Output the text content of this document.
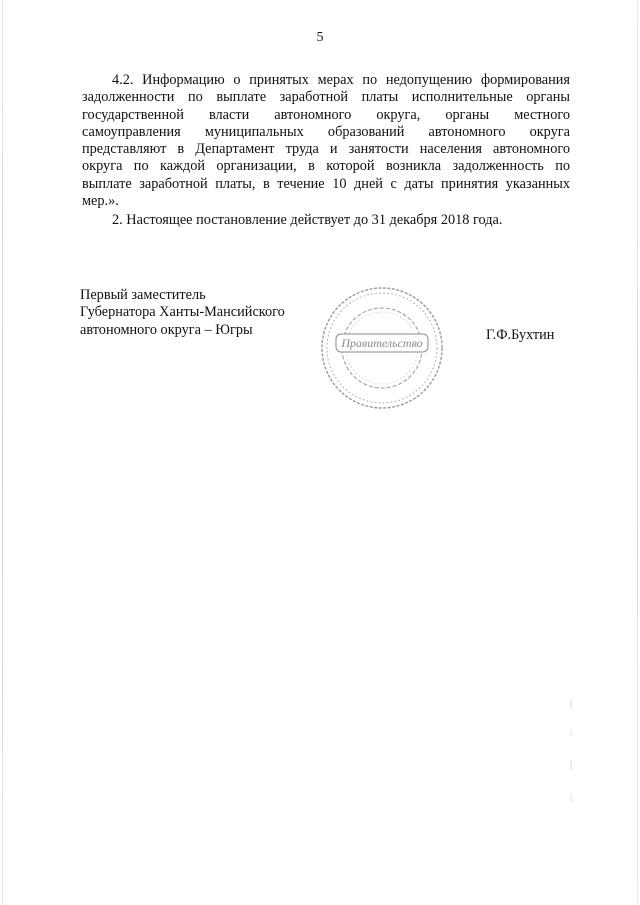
5
4.2. Информацию о принятых мерах по недопущению формирования
задолженности по выплате заработной платы исполнительные органы
государственной власти автономного округа, органы местного
самоуправления муниципальных образований автономного округа
представляют в Департамент труда и занятости населения автономного
округа по каждой организации, в которой возникла задолженность по
выплате заработной платы, в течение 10 дней с даты принятия указанных
мер.».
2. Настоящее постановление действует до 31 декабря 2018 года.
Первый заместитель
Губернатора Ханты-Мансийского
автономного округа – Югры
Правительство	Г.Ф.Бухтин
